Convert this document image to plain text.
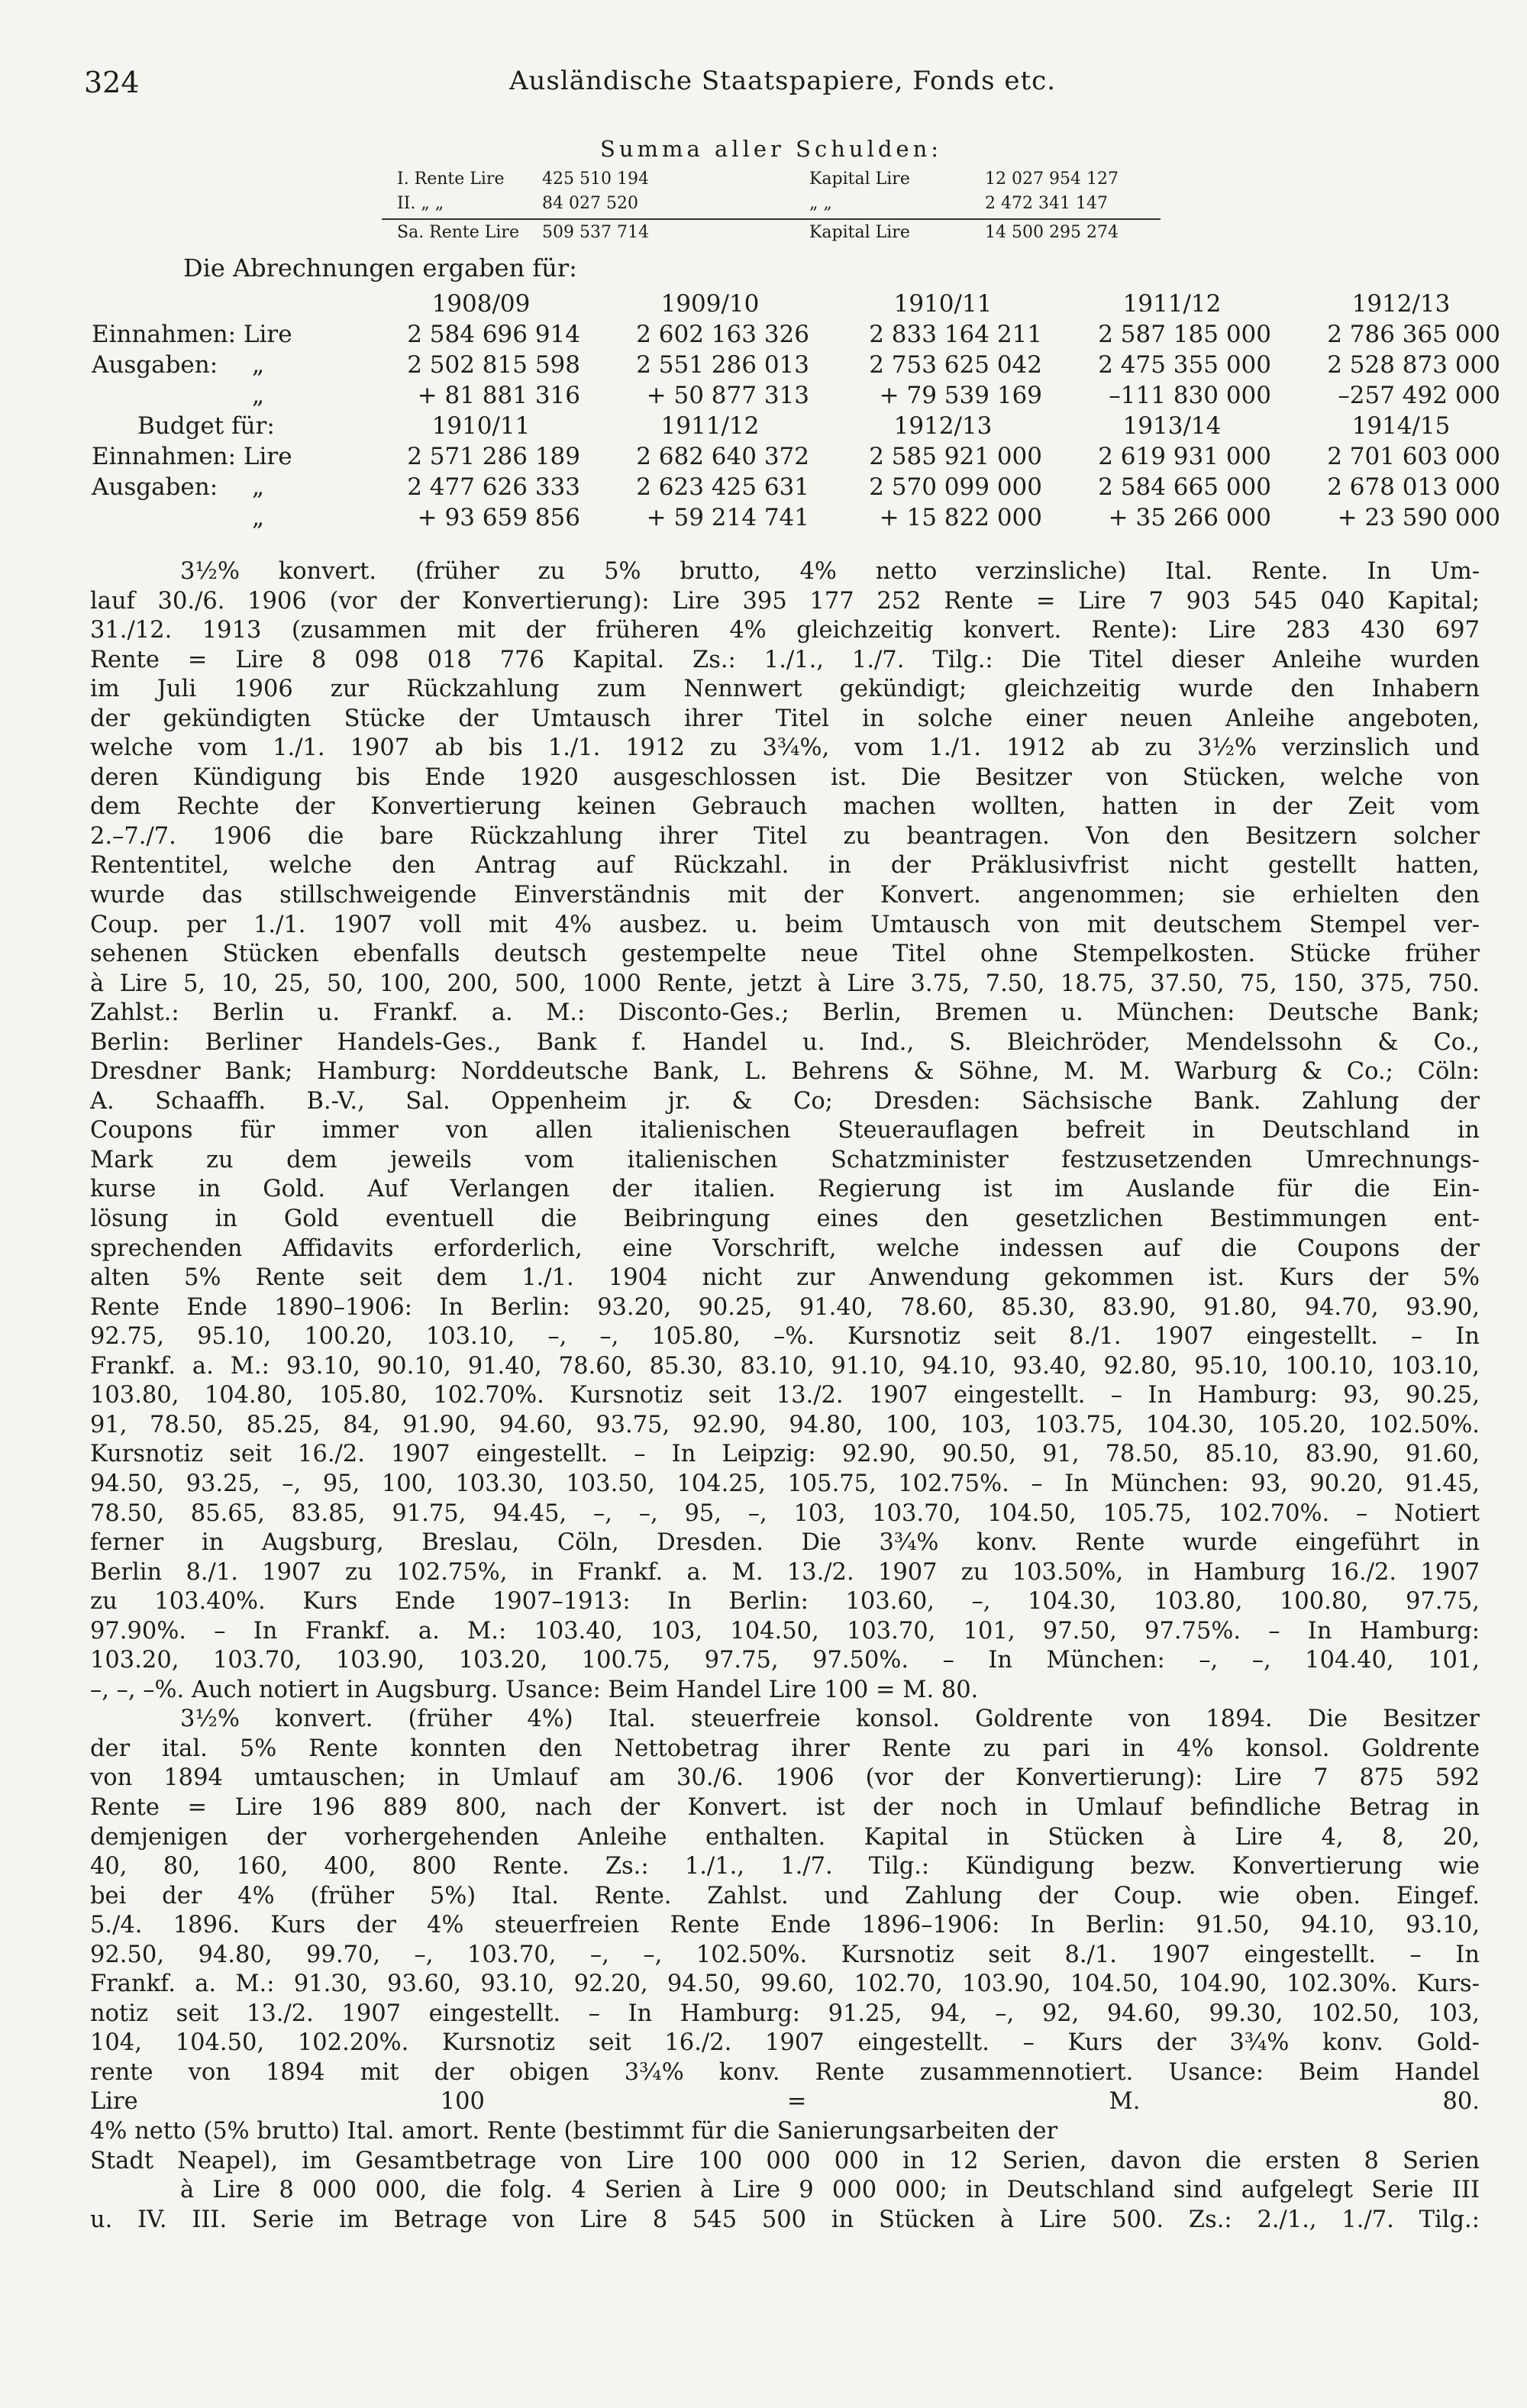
324	Ausländische Staatspapiere, Fonds etc.
Summa aller Schulden:
I. Rente Lire 425 510 194	Kapital Lire	12 027 954 127
II. „ „	84 027 520	„ „	2 472 341 147
Sa. Rente Lire 509 537 714	Kapital Lire	14 500 295 274
Die Abrechnungen ergaben für:
1908/09	1909/10	1910/11	1911/12	1912/13
Einnahmen: Lire	2 584 696 914	2 602 163 326	2 833 164 211	2 587 185 000	2 786 365 000
Ausgaben: „	2 502 815 598	2 551 286 013	2 753 625 042	2 475 355 000	2 528 873 000
„	+ 81 881 316	+ 50 877 313	+ 79 539 169	–111 830 000	–257 492 000
Budget für:	1910/11	1911/12	1912/13	1913/14	1914/15
Einnahmen: Lire	2 571 286 189	2 682 640 372	2 585 921 000	2 619 931 000	2 701 603 000
Ausgaben: „	2 477 626 333	2 623 425 631	2 570 099 000	2 584 665 000	2 678 013 000
„	+ 93 659 856	+ 59 214 741	+ 15 822 000	+ 35 266 000	+ 23 590 000
3½% konvert. (früher zu 5% brutto, 4% netto verzinsliche) Ital. Rente. In Um-
lauf 30./6. 1906 (vor der Konvertierung): Lire 395 177 252 Rente = Lire 7 903 545 040 Kapital;
31./12. 1913 (zusammen mit der früheren 4% gleichzeitig konvert. Rente): Lire 283 430 697
Rente = Lire 8 098 018 776 Kapital. Zs.: 1./1., 1./7. Tilg.: Die Titel dieser Anleihe wurden
im Juli 1906 zur Rückzahlung zum Nennwert gekündigt; gleichzeitig wurde den Inhabern
der gekündigten Stücke der Umtausch ihrer Titel in solche einer neuen Anleihe angeboten,
welche vom 1./1. 1907 ab bis 1./1. 1912 zu 3¾%, vom 1./1. 1912 ab zu 3½% verzinslich und
deren Kündigung bis Ende 1920 ausgeschlossen ist. Die Besitzer von Stücken, welche von
dem Rechte der Konvertierung keinen Gebrauch machen wollten, hatten in der Zeit vom
2.–7./7. 1906 die bare Rückzahlung ihrer Titel zu beantragen. Von den Besitzern solcher
Rententitel, welche den Antrag auf Rückzahl. in der Präklusivfrist nicht gestellt hatten,
wurde das stillschweigende Einverständnis mit der Konvert. angenommen; sie erhielten den
Coup. per 1./1. 1907 voll mit 4% ausbez. u. beim Umtausch von mit deutschem Stempel ver-
sehenen Stücken ebenfalls deutsch gestempelte neue Titel ohne Stempelkosten. Stücke früher
à Lire 5, 10, 25, 50, 100, 200, 500, 1000 Rente, jetzt à Lire 3.75, 7.50, 18.75, 37.50, 75, 150, 375, 750.
Zahlst.: Berlin u. Frankf. a. M.: Disconto-Ges.; Berlin, Bremen u. München: Deutsche Bank;
Berlin: Berliner Handels-Ges., Bank f. Handel u. Ind., S. Bleichröder, Mendelssohn & Co.,
Dresdner Bank; Hamburg: Norddeutsche Bank, L. Behrens & Söhne, M. M. Warburg & Co.; Cöln:
A. Schaaffh. B.-V., Sal. Oppenheim jr. & Co; Dresden: Sächsische Bank. Zahlung der
Coupons für immer von allen italienischen Steuerauflagen befreit in Deutschland in
Mark zu dem jeweils vom italienischen Schatzminister festzusetzenden Umrechnungs-
kurse in Gold. Auf Verlangen der italien. Regierung ist im Auslande für die Ein-
lösung in Gold eventuell die Beibringung eines den gesetzlichen Bestimmungen ent-
sprechenden Affidavits erforderlich, eine Vorschrift, welche indessen auf die Coupons der
alten 5% Rente seit dem 1./1. 1904 nicht zur Anwendung gekommen ist. Kurs der 5%
Rente Ende 1890–1906: In Berlin: 93.20, 90.25, 91.40, 78.60, 85.30, 83.90, 91.80, 94.70, 93.90,
92.75, 95.10, 100.20, 103.10, –, –, 105.80, –%. Kursnotiz seit 8./1. 1907 eingestellt. – In
Frankf. a. M.: 93.10, 90.10, 91.40, 78.60, 85.30, 83.10, 91.10, 94.10, 93.40, 92.80, 95.10, 100.10, 103.10,
103.80, 104.80, 105.80, 102.70%. Kursnotiz seit 13./2. 1907 eingestellt. – In Hamburg: 93, 90.25,
91, 78.50, 85.25, 84, 91.90, 94.60, 93.75, 92.90, 94.80, 100, 103, 103.75, 104.30, 105.20, 102.50%.
Kursnotiz seit 16./2. 1907 eingestellt. – In Leipzig: 92.90, 90.50, 91, 78.50, 85.10, 83.90, 91.60,
94.50, 93.25, –, 95, 100, 103.30, 103.50, 104.25, 105.75, 102.75%. – In München: 93, 90.20, 91.45,
78.50, 85.65, 83.85, 91.75, 94.45, –, –, 95, –, 103, 103.70, 104.50, 105.75, 102.70%. – Notiert
ferner in Augsburg, Breslau, Cöln, Dresden. Die 3¾% konv. Rente wurde eingeführt in
Berlin 8./1. 1907 zu 102.75%, in Frankf. a. M. 13./2. 1907 zu 103.50%, in Hamburg 16./2. 1907
zu 103.40%. Kurs Ende 1907–1913: In Berlin: 103.60, –, 104.30, 103.80, 100.80, 97.75,
97.90%. – In Frankf. a. M.: 103.40, 103, 104.50, 103.70, 101, 97.50, 97.75%. – In Hamburg:
103.20, 103.70, 103.90, 103.20, 100.75, 97.75, 97.50%. – In München: –, –, 104.40, 101,
–, –, –%. Auch notiert in Augsburg. Usance: Beim Handel Lire 100 = M. 80.
3½% konvert. (früher 4%) Ital. steuerfreie konsol. Goldrente von 1894. Die Besitzer
der ital. 5% Rente konnten den Nettobetrag ihrer Rente zu pari in 4% konsol. Goldrente
von 1894 umtauschen; in Umlauf am 30./6. 1906 (vor der Konvertierung): Lire 7 875 592
Rente = Lire 196 889 800, nach der Konvert. ist der noch in Umlauf befindliche Betrag in
demjenigen der vorhergehenden Anleihe enthalten. Kapital in Stücken à Lire 4, 8, 20,
40, 80, 160, 400, 800 Rente. Zs.: 1./1., 1./7. Tilg.: Kündigung bezw. Konvertierung wie
bei der 4% (früher 5%) Ital. Rente. Zahlst. und Zahlung der Coup. wie oben. Eingef.
5./4. 1896. Kurs der 4% steuerfreien Rente Ende 1896–1906: In Berlin: 91.50, 94.10, 93.10,
92.50, 94.80, 99.70, –, 103.70, –, –, 102.50%. Kursnotiz seit 8./1. 1907 eingestellt. – In
Frankf. a. M.: 91.30, 93.60, 93.10, 92.20, 94.50, 99.60, 102.70, 103.90, 104.50, 104.90, 102.30%. Kurs-
notiz seit 13./2. 1907 eingestellt. – In Hamburg: 91.25, 94, –, 92, 94.60, 99.30, 102.50, 103,
104, 104.50, 102.20%. Kursnotiz seit 16./2. 1907 eingestellt. – Kurs der 3¾% konv. Gold-
rente von 1894 mit der obigen 3¾% konv. Rente zusammennotiert. Usance: Beim Handel
Lire 100 = M. 80.
4% netto (5% brutto) Ital. amort. Rente (bestimmt für die Sanierungsarbeiten der
Stadt Neapel), im Gesamtbetrage von Lire 100 000 000 in 12 Serien, davon die ersten 8 Serien
à Lire 8 000 000, die folg. 4 Serien à Lire 9 000 000; in Deutschland sind aufgelegt Serie III
u. IV. III. Serie im Betrage von Lire 8 545 500 in Stücken à Lire 500. Zs.: 2./1., 1./7. Tilg.:
